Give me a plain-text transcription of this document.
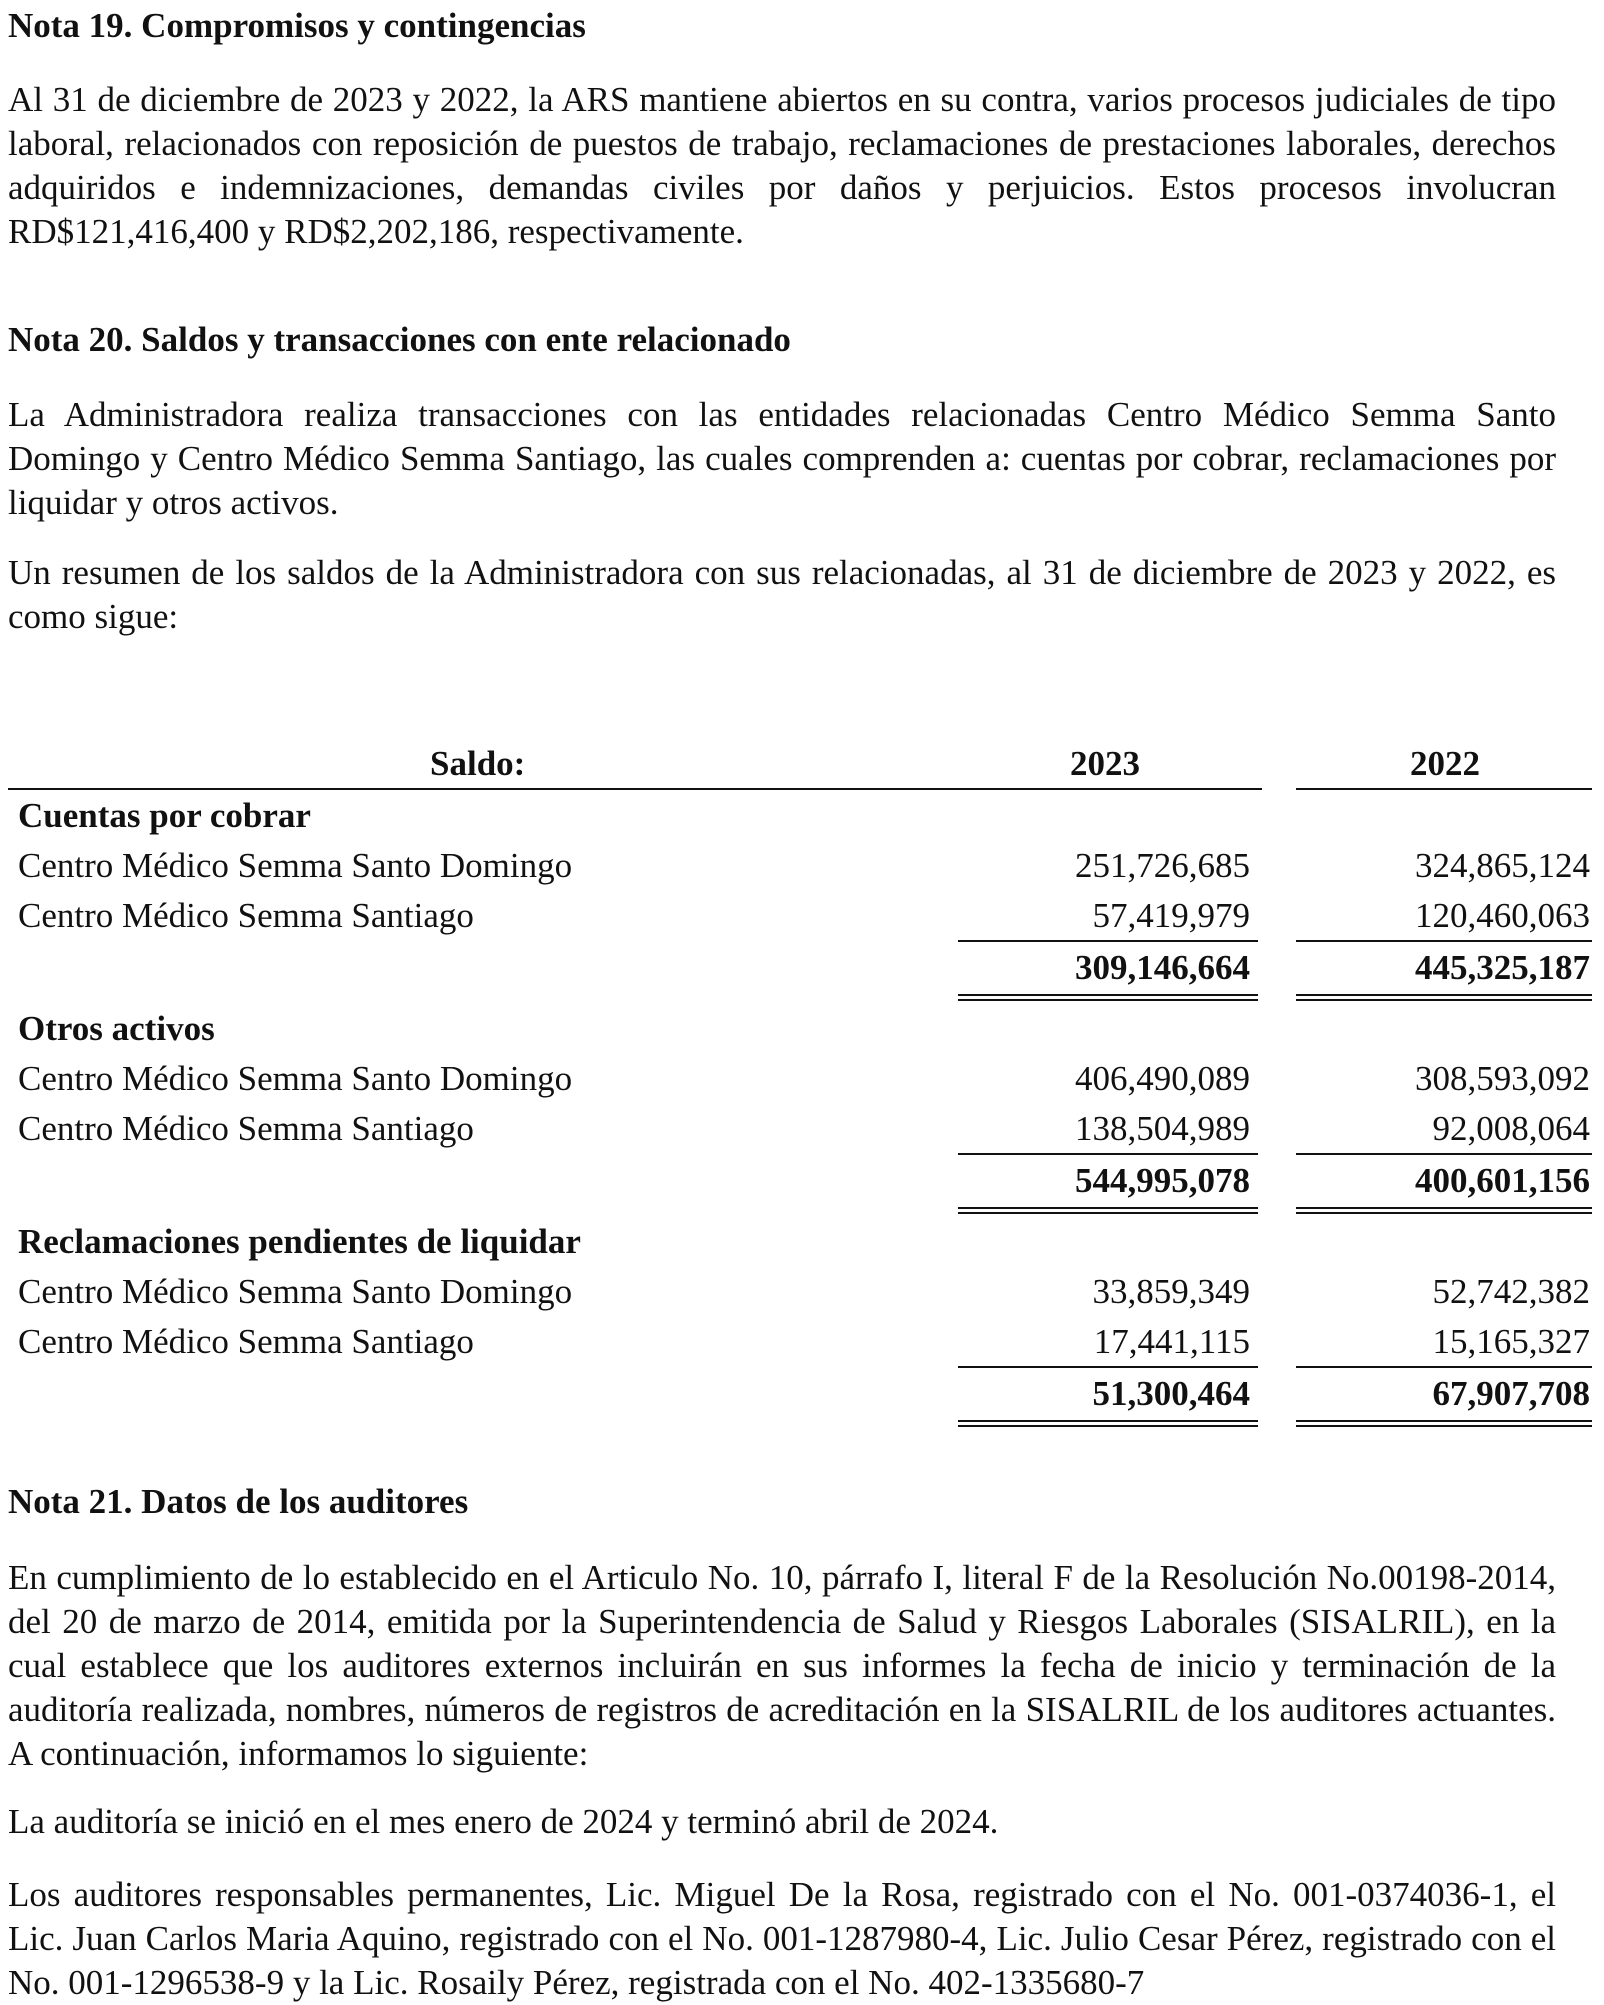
Nota 19. Compromisos y contingencias
Al 31 de diciembre de 2023 y 2022, la ARS mantiene abiertos en su contra, varios procesos judiciales de tipo laboral, relacionados con reposición de puestos de trabajo, reclamaciones de prestaciones laborales, derechos adquiridos e indemnizaciones, demandas civiles por daños y perjuicios. Estos procesos involucran RD$121,416,400 y RD$2,202,186, respectivamente.
Nota 20. Saldos y transacciones con ente relacionado
La Administradora realiza transacciones con las entidades relacionadas Centro Médico Semma Santo Domingo y Centro Médico Semma Santiago, las cuales comprenden a: cuentas por cobrar, reclamaciones por liquidar y otros activos.
Un resumen de los saldos de la Administradora con sus relacionadas, al 31 de diciembre de 2023 y 2022, es como sigue:
Saldo:	2023	2022
Cuentas por cobrar
Centro Médico Semma Santo Domingo	251,726,685	324,865,124
Centro Médico Semma Santiago	57,419,979	120,460,063
309,146,664	445,325,187
Otros activos
Centro Médico Semma Santo Domingo	406,490,089	308,593,092
Centro Médico Semma Santiago	138,504,989	92,008,064
544,995,078	400,601,156
Reclamaciones pendientes de liquidar
Centro Médico Semma Santo Domingo	33,859,349	52,742,382
Centro Médico Semma Santiago	17,441,115	15,165,327
51,300,464	67,907,708
Nota 21. Datos de los auditores
En cumplimiento de lo establecido en el Articulo No. 10, párrafo I, literal F de la Resolución No.00198-2014, del 20 de marzo de 2014, emitida por la Superintendencia de Salud y Riesgos Laborales (SISALRIL), en la cual establece que los auditores externos incluirán en sus informes la fecha de inicio y terminación de la auditoría realizada, nombres, números de registros de acreditación en la SISALRIL de los auditores actuantes. A continuación, informamos lo siguiente:
La auditoría se inició en el mes enero de 2024 y terminó abril de 2024.
Los auditores responsables permanentes, Lic. Miguel De la Rosa, registrado con el No. 001-0374036-1, el Lic. Juan Carlos Maria Aquino, registrado con el No. 001-1287980-4, Lic. Julio Cesar Pérez, registrado con el No. 001-1296538-9 y la Lic. Rosaily Pérez, registrada con el No. 402-1335680-7
